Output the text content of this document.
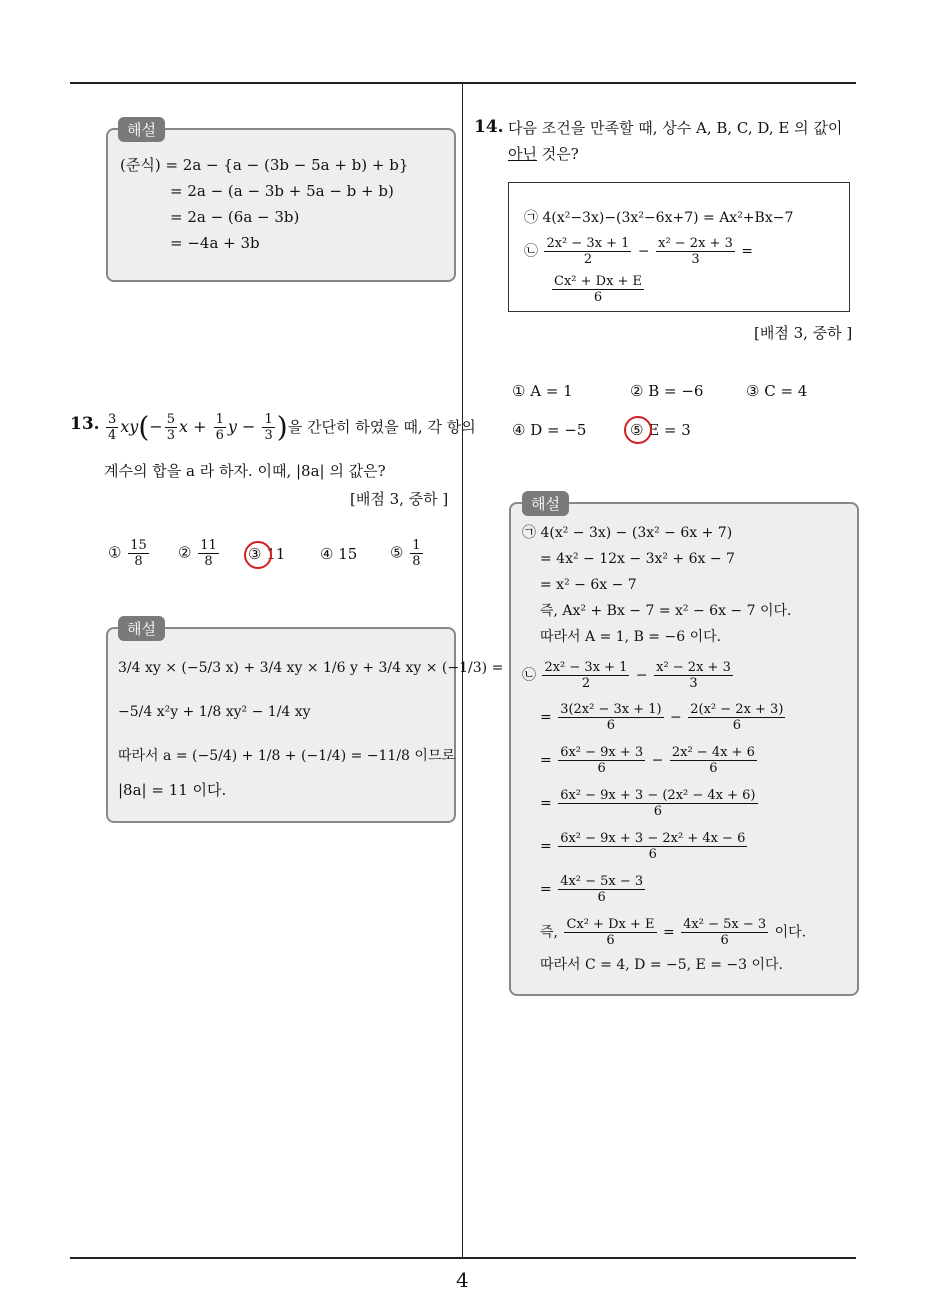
4
해설
(준식) = 2a − {a − (3b − 5a + b) + b}
= 2a − (a − 3b + 5a − b + b)
= 2a − (6a − 3b)
= −4a + 3b
13. $\frac{3}{4} xy(- \frac{5}{3}$ $x + \frac{1}{6}$ $y - \frac{1}{3}$ )을 간단히 하였을 때, 각 항의
계수의 합을 a 라 하자. 이때, |8a| 의 값은?
[배점 3, 중하 ]
① $\frac{15}{8}$ ② $\frac{11}{8}$ ③ 11 ④ 15 ⑤ $\frac{1}{8}$
해설
3/4 xy × (−5/3 x) + 3/4 xy × 1/6 y + 3/4 xy × (−1/3) =
−5/4 x²y + 1/8 xy² − 1/4 xy
따라서 a = (−5/4) + 1/8 + (−1/4) = −11/8 이므로
|8a| = 11 이다.
14. 다음 조건을 만족할 때, 상수 A, B, C, D, E 의 값이
아닌 것은?
㉠ 4(x²−3x)−(3x²−6x+7) = Ax²+Bx−7
㉡ $\frac{\text{2x² − 3x + 1}}{2} - \frac{\text{x² − 2x + 3}}{3}$ =
$\frac{\text{Cx² + Dx + E}}{6}$
[배점 3, 중하 ]
① A = 1	② B = −6	③ C = 4
④ D = −5	⑤ E = 3
해설
㉠ 4(x² − 3x) − (3x² − 6x + 7)
= 4x² − 12x − 3x² + 6x − 7
= x² − 6x − 7
즉, Ax² + Bx − 7 = x² − 6x − 7 이다.
따라서 A = 1, B = −6 이다.
㉡ $\frac{\text{2x² − 3x + 1}}{2} - \frac{\text{x² − 2x + 3}}{3}$
= $\frac{\text{3(2x² − 3x + 1)}}{6} - \frac{\text{2(x² − 2x + 3)}}{6}$
= $\frac{\text{6x² − 9x + 3}}{6} - \frac{\text{2x² − 4x + 6}}{6}$
= $\frac{\text{6x² − 9x + 3 − (2x² − 4x + 6)}}{6}$
= $\frac{\text{6x² − 9x + 3 − 2x² + 4x − 6}}{6}$
= $\frac{\text{4x² − 5x − 3}}{6}$
즉, $\frac{\text{Cx² + Dx + E}}{6} = \frac{\text{4x² − 5x − 3}}{6}$ 이다.
따라서 C = 4, D = −5, E = −3 이다.
